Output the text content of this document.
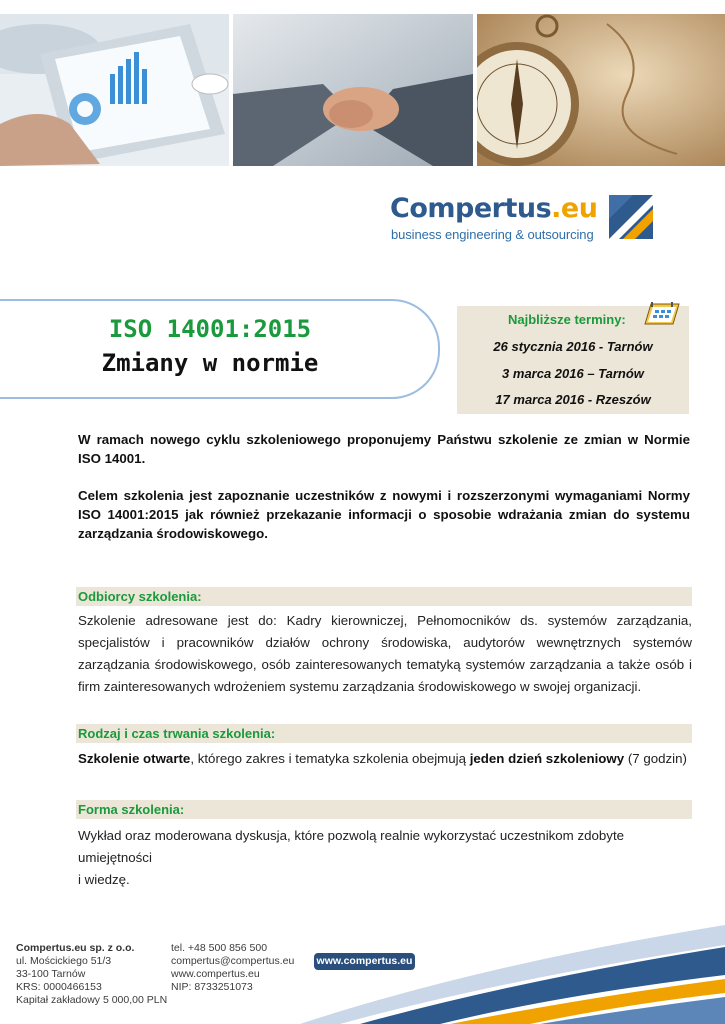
Compertus.eu
business engineering & outsourcing
ISO 14001:2015
Zmiany w normie
Najbliższe terminy:
26 stycznia 2016 - Tarnów
3 marca 2016 – Tarnów
17 marca 2016 - Rzeszów
W ramach nowego cyklu szkoleniowego proponujemy Państwu szkolenie ze zmian w Normie ISO 14001.
Celem szkolenia jest zapoznanie uczestników z nowymi i rozszerzonymi wymaganiami Normy ISO 14001:2015 jak również przekazanie informacji o sposobie wdrażania zmian do systemu zarządzania środowiskowego.
Odbiorcy szkolenia:
Szkolenie adresowane jest do: Kadry kierowniczej, Pełnomocników ds. systemów zarządzania, specjalistów i pracowników działów ochrony środowiska, audytorów wewnętrznych systemów zarządzania środowiskowego, osób zainteresowanych tematyką systemów zarządzania a także osób i firm zainteresowanych wdrożeniem systemu zarządzania środowiskowego w swojej organizacji.
Rodzaj i czas trwania szkolenia:
Szkolenie otwarte, którego zakres i tematyka szkolenia obejmują jeden dzień szkoleniowy (7 godzin)
Forma szkolenia:
Wykład oraz moderowana dyskusja, które pozwolą realnie wykorzystać uczestnikom zdobyte umiejętności
i wiedzę.
Compertus.eu sp. z o.o.
ul. Mościckiego 51/3
33-100 Tarnów
KRS: 0000466153
Kapitał zakładowy 5 000,00 PLN
tel. +48 500 856 500
compertus@compertus.eu
www.compertus.eu
NIP: 8733251073
www.compertus.eu
